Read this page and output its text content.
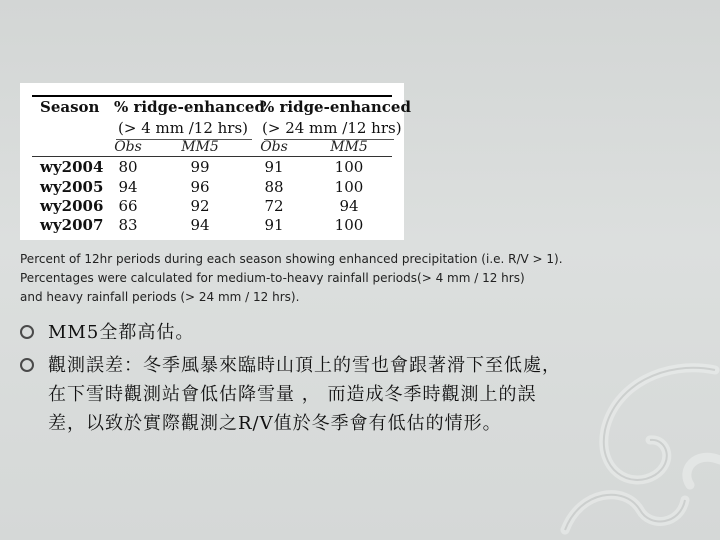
Season % ridge-enhanced
(> 4 mm /12 hrs)
% ridge-enhanced
(> 24 mm /12 hrs)
Obs	MM5	Obs	MM5
wy2004 80	99	91	100
wy2005 94	96	88	100
wy2006 66	92	72	94
wy2007 83	94	91	100
Percent of 12hr periods during each season showing enhanced precipitation (i.e. R/V > 1).
Percentages were calculated for medium-to-heavy rainfall periods(> 4 mm / 12 hrs)
and heavy rainfall periods (> 24 mm / 12 hrs).
MM5全都高估。
觀測誤差：冬季風暴來臨時山頂上的雪也會跟著滑下至低處，
在下雪時觀測站會低估降雪量 ， 而造成冬季時觀測上的誤
差，以致於實際觀測之R/V值於冬季會有低估的情形。
